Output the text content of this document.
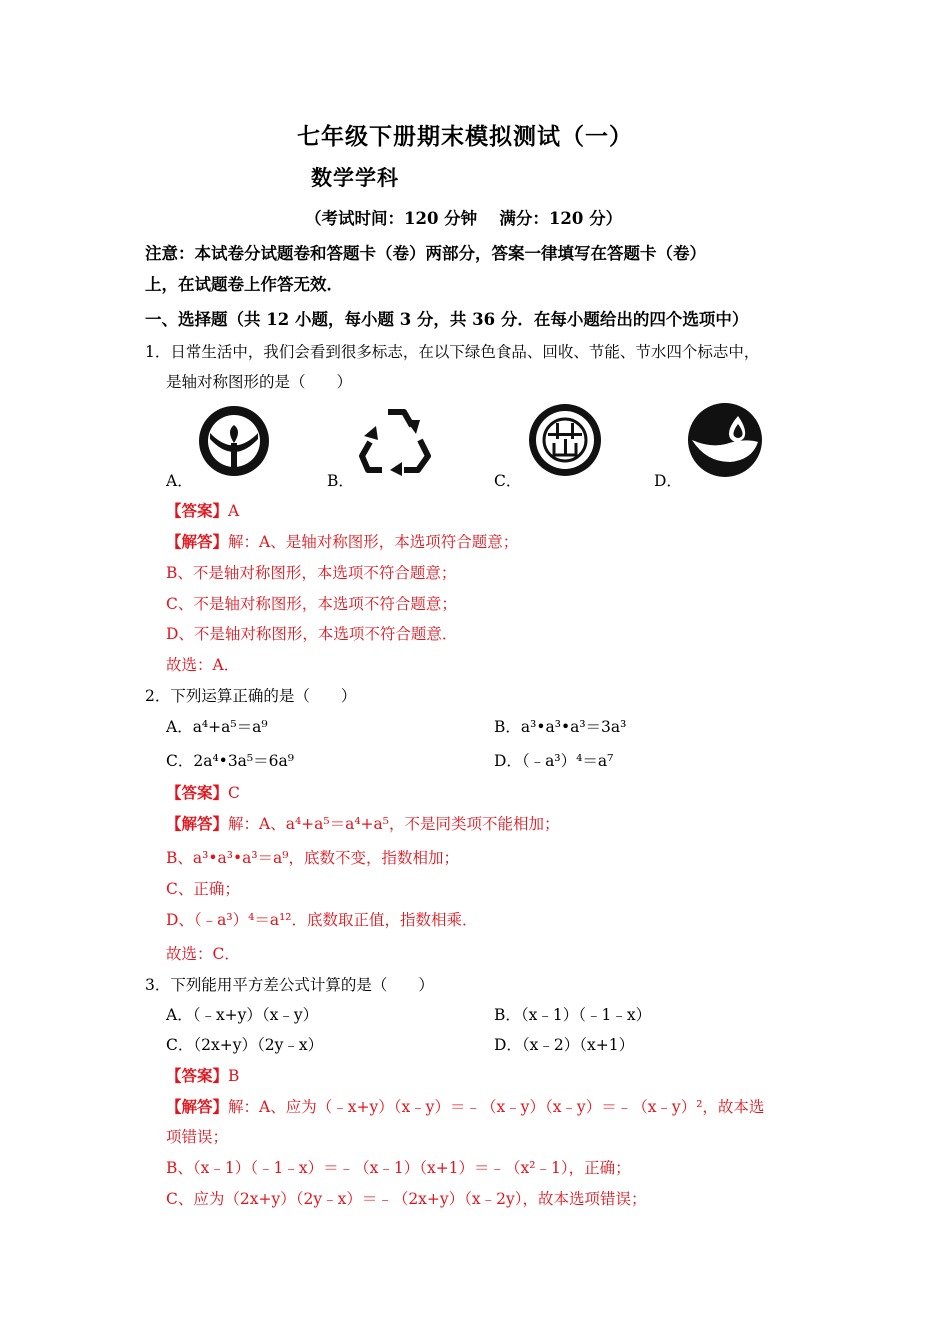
七年级下册期末模拟测试（一）
数学学科
（考试时间：120 分钟　 满分：120 分）
注意：本试卷分试题卷和答题卡（卷）两部分，答案一律填写在答题卡（卷）
上，在试题卷上作答无效．
一、选择题（共 12 小题，每小题 3 分，共 36 分．在每小题给出的四个选项中）
1．日常生活中，我们会看到很多标志，在以下绿色食品、回收、节能、节水四个标志中，
是轴对称图形的是（　　）
A．	B．	C．	D．
【答案】A
【解答】解：A、是轴对称图形，本选项符合题意；
B、不是轴对称图形，本选项不符合题意；
C、不是轴对称图形，本选项不符合题意；
D、不是轴对称图形，本选项不符合题意．
故选：A．
2．下列运算正确的是（　　）
A．a⁴+a⁵＝a⁹	B．a³•a³•a³＝3a³
C．2a⁴•3a⁵＝6a⁹	D．（﹣a³）⁴＝a⁷
【答案】C
【解答】解：A、a⁴+a⁵＝a⁴+a⁵，不是同类项不能相加；
B、a³•a³•a³＝a⁹，底数不变，指数相加；
C、正确；
D、（﹣a³）⁴＝a¹²．底数取正值，指数相乘．
故选：C．
3．下列能用平方差公式计算的是（　　）
A．（﹣x+y）（x﹣y）	B．（x﹣1）（﹣1﹣x）
C．（2x+y）（2y﹣x）	D．（x﹣2）（x+1）
【答案】B
【解答】解：A、应为（﹣x+y）（x﹣y）＝﹣（x﹣y）（x﹣y）＝﹣（x﹣y）²，故本选
项错误；
B、（x﹣1）（﹣1﹣x）＝﹣（x﹣1）（x+1）＝﹣（x²﹣1），正确；
C、应为（2x+y）（2y﹣x）＝﹣（2x+y）（x﹣2y），故本选项错误；
